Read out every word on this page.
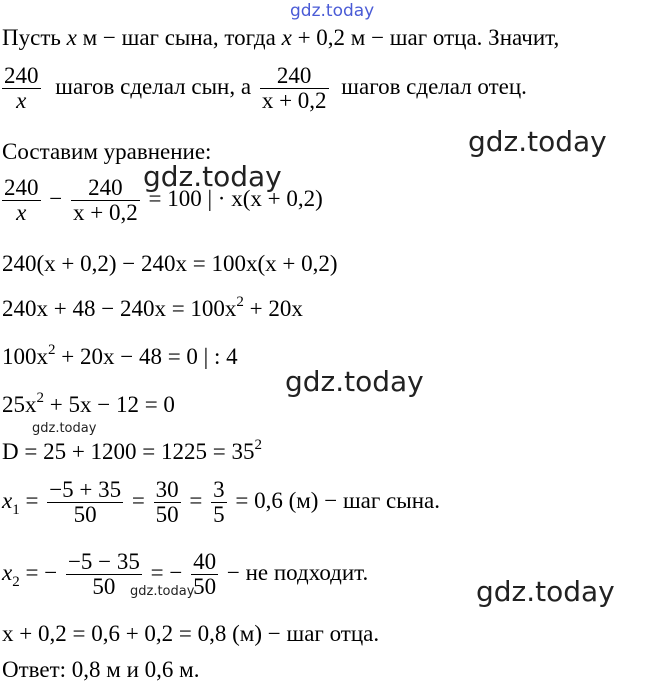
gdz.today
gdz.today
gdz.today
gdz.today
gdz.today
gdz.today
gdz.today
Пусть x м − шаг сына, тогда x + 0,2 м − шаг отца. Значит,
$\frac{240}{x}$ шагов сделал сын, а $\frac{240}{x + 0,2}$ шагов сделал отец.
Составим уравнение:
$\frac{240}{x} - \frac{240}{x + 0,2} = 100$ | · x(x + 0,2)
240(x + 0,2) − 240x = 100x(x + 0,2)
$240x + 48 - 240x = 100x^2 + 20x$
$100x^2 + 20x - 48 = 0$ | : 4
$25x^2 + 5x - 12 = 0$
$D = 25 + 1200 = 1225 = 35^2$
$x_1 = \frac{-5 + 35}{50} = \frac{30}{50} = \frac{3}{5} = 0,6$ (м) − шаг сына.
$x_2$ = − $\frac{-5 - 35}{50}$ = − $\frac{40}{50}$ − не подходит.
x + 0,2 = 0,6 + 0,2 = 0,8 (м) − шаг отца.
Ответ: 0,8 м и 0,6 м.
